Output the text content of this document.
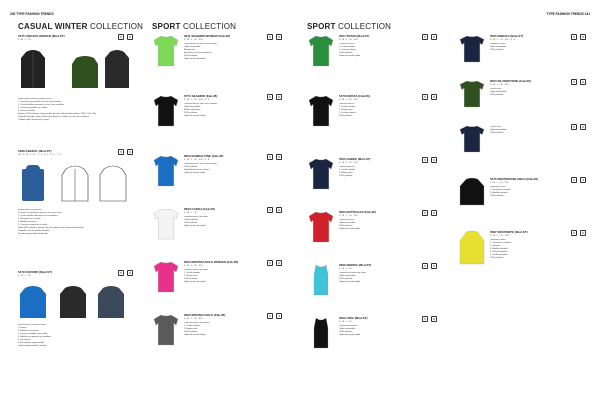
240 TYPE FASHION TRENDS	TYPE FASHION TRENDS 241
CASUAL WINTER COLLECTION
5475 GRUAPA WOMAN (Mod.ST)
S · M · L · XL
5	⊡
Parka confeccionada en nylon de alta.
1. Capucha desmontable con forro de microfibra.
2. Cuatro bolsillos exteriores y cierre con cremallera.
3. Capucha ajustable con cordón.
4. Forro acolchado.
Exterior: 100% poliéster. Impermeable. Interior: acolchado de poliéster 100%. Calor. Wa.
Disponible prenda interior. Tallas extra. Ajuste en cuello con cierre de cremallera.
Calidad tejido: Resistencia al agua.
5488 ABEDUL (Mod.ST)
XS · S · M · L · XL · 1 · 2 · 3 · 4 · 5 / 5 · 7 · 9
5	⊡
Impermeable con capucha.
1. Interior: cortavientos capucha con cierre velcro.
2. Cuatro bolsillos delanteros con cremallera.
3. Dos puños en el cuello.
4. Bolsillos interiores.
5. Capucha recogida en el cuello.
Tejido 100% poliéster. Interior: forro de poliéster con tratamiento hidrófugo.
Disponible en talla y tallas infantiles.
Prenda impermeable transpirable.
5479 OXFORD (Mod.ST)
S · M · L · XL
5	⊡
Mocasín textil con ambos lados.
1. Interior.
2. Bolsillos en el pecho.
3. Capucha ajustable con cordón.
4. Bolsillos con apertura y cremallera.
5. Forro polar.
100% poliéster. Impermeable.
Capucha desmontable y lavable.
SPORT COLLECTION
6611 SEABIRD WOMAN (Fab.26)
S · M · L · XL · XXL
5	⊡
Camiseta técnica con cuello redondo.
Tejido transpirable.
Manga corta.
Ideal para la práctica deportiva.
100% poliéster.
Tejido de secado rápido.
6771 SEABIRD (Fab.26)
S · M · L · XL · XXL · 3 · 4
5	⊡
Camiseta técnica con cuello redondo.
Tejido transpirable.
Bordes reforzados.
100% poliéster.
Tejido de secado rápido.
6603 BANDALFINE (Fab.26)
S · M · L · XL · XXL · 3 · 8
5	⊡
Camiseta técnica con cuello redondo.
100% poliéster.
Disponible en varios colores.
Tejido de secado rápido.
6633 CANOA (Fab.26)
S · M · L · XL
5	⊡
Camiseta técnica de mujer.
Cuello redondo.
100% poliéster.
Tejido de secado rápido.
6623 MONTECARLO WOMAN (Fab.26)
S · M · L · XL · XXL
5	⊡
Camiseta técnica de mujer.
1. Cuello redondo.
2. Manga corta.
100% poliéster.
Tejido de secado rápido.
6625 MONTECARLO (Fab.26)
S · M · L · XL · XXL
5	⊡
Camiseta técnica de hombre.
1. Cuello redondo.
2. Manga corta.
100% poliéster.
Tejido de secado rápido.
SPORT COLLECTION
5504 TRAIN (Mod.ST)
S · M · L · XL · XXL
5	⊡
Camiseta técnica.
1. Cuello redondo.
2. Costuras planas.
100% poliéster.
Tejido de secado rápido.
5476 ESPIAS (Fab.26)
S · M · L · XL · XXL
5	⊡
Camiseta técnica.
1. Cuello redondo.
2. Manga corta.
3. Costuras planas.
100% poliéster.
5000 ANDES (Mod.ST)
S · M · L · XL · XXL
5	⊡
Camiseta técnica.
1. Cuello redondo.
2. Manga corta.
100% poliéster.
6563 BOTOCHAS (Fab.26)
S · M · L · XL · XXL
5	⊡
Camiseta técnica.
Tejido transpirable.
100% poliéster.
Tejido de secado rápido.
6369 SIERRA (Mod.ST)
S · M · L · XL
5	⊡
Camiseta de tirantes de mujer.
Tejido transpirable.
100% poliéster.
Tejido de secado rápido.
6350 GIRA (Mod.ST)
S · M · L · XL
5	⊡
Camiseta de tirantes.
Tejido transpirable.
100% poliéster.
Tejido de secado rápido.
5505 MIRCHA (Mod.ST)
S · M · L · XL · XXL · 3 · 4
5	⊡
Sudadera técnica.
Tejido transpirable.
100% poliéster.
6503 SILVERSTONE (Fab.26)
S · M · L · XL · XXL
5	⊡
Polo técnico.
Tejido transpirable.
100% poliéster.
5	⊡
Polo técnico.
Tejido transpirable.
100% poliéster.
5475 MONTEROBLANCO (Fab.26)
S · M · L · XL · XXL
5	⊡
Chaqueta técnica.
1. Cremallera completa.
2. Bolsillos laterales.
100% poliéster.
5587 RESTREPO (Mod.ST)
S · M · L · XL · XXL
5	⊡
Chaqueta técnica.
1. Cremallera completa.
2. Capucha.
3. Bolsillos laterales.
4. Puños ajustables.
5. Cordón ajustable.
100% poliéster.
